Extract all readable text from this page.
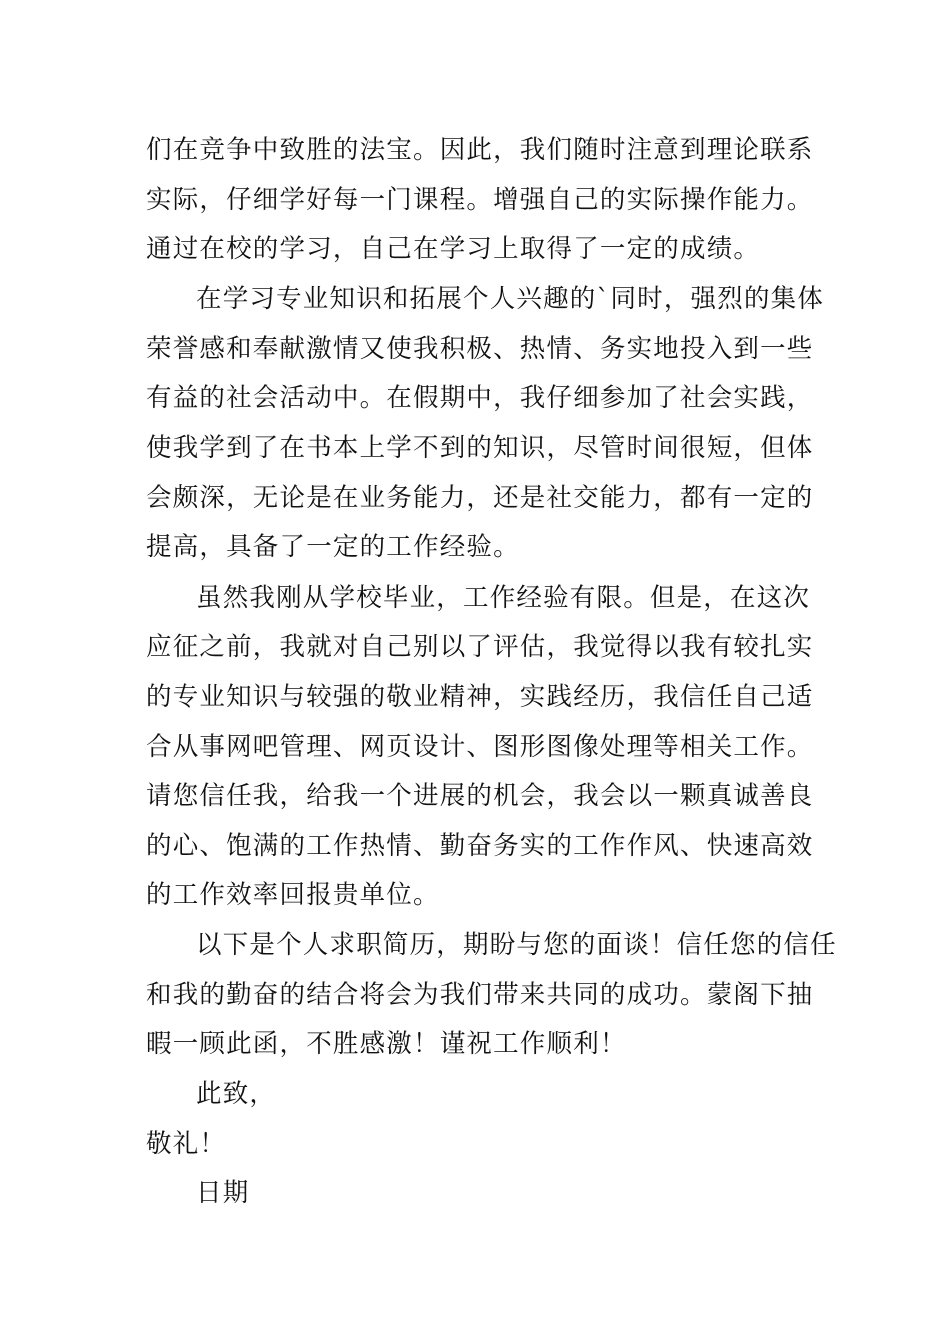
们在竞争中致胜的法宝。因此，我们随时注意到理论联系
实际，仔细学好每一门课程。增强自己的实际操作能力。
通过在校的学习，自己在学习上取得了一定的成绩。
在学习专业知识和拓展个人兴趣的`同时，强烈的集体
荣誉感和奉献激情又使我积极、热情、务实地投入到一些
有益的社会活动中。在假期中，我仔细参加了社会实践，
使我学到了在书本上学不到的知识，尽管时间很短，但体
会颇深，无论是在业务能力，还是社交能力，都有一定的
提高，具备了一定的工作经验。
虽然我刚从学校毕业，工作经验有限。但是，在这次
应征之前，我就对自己别以了评估，我觉得以我有较扎实
的专业知识与较强的敬业精神，实践经历，我信任自己适
合从事网吧管理、网页设计、图形图像处理等相关工作。
请您信任我，给我一个进展的机会，我会以一颗真诚善良
的心、饱满的工作热情、勤奋务实的工作作风、快速高效
的工作效率回报贵单位。
以下是个人求职简历，期盼与您的面谈！信任您的信任
和我的勤奋的结合将会为我们带来共同的成功。蒙阁下抽
暇一顾此函，不胜感激！谨祝工作顺利！
此致，
敬礼！
日期
